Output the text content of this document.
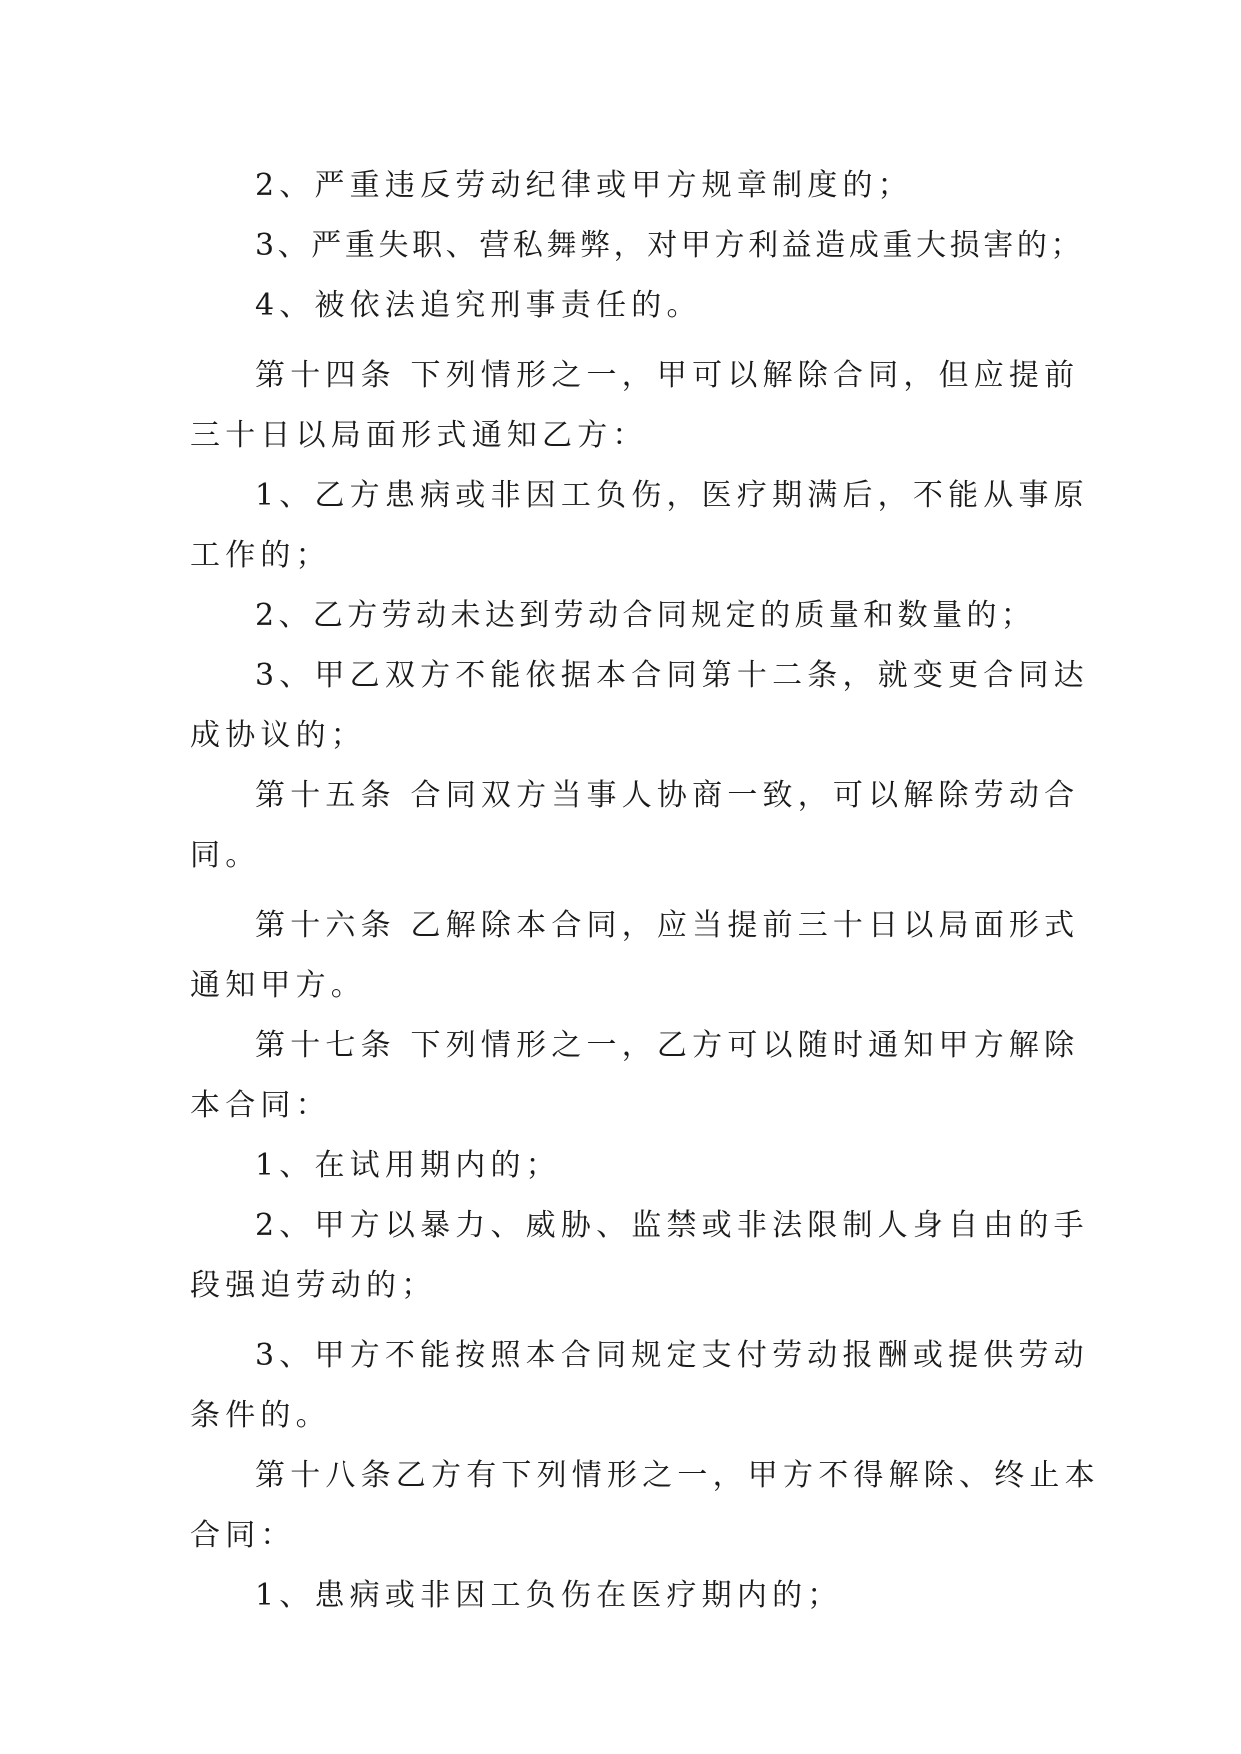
2、严重违反劳动纪律或甲方规章制度的；
3、严重失职、营私舞弊，对甲方利益造成重大损害的；
4、被依法追究刑事责任的。
第十四条 下列情形之一，甲可以解除合同，但应提前
三十日以局面形式通知乙方：
1、乙方患病或非因工负伤，医疗期满后，不能从事原
工作的；
2、乙方劳动未达到劳动合同规定的质量和数量的；
3、甲乙双方不能依据本合同第十二条，就变更合同达
成协议的；
第十五条 合同双方当事人协商一致，可以解除劳动合
同。
第十六条 乙解除本合同，应当提前三十日以局面形式
通知甲方。
第十七条 下列情形之一，乙方可以随时通知甲方解除
本合同：
1、在试用期内的；
2、甲方以暴力、威胁、监禁或非法限制人身自由的手
段强迫劳动的；
3、甲方不能按照本合同规定支付劳动报酬或提供劳动
条件的。
第十八条乙方有下列情形之一，甲方不得解除、终止本
合同：
1、患病或非因工负伤在医疗期内的；
